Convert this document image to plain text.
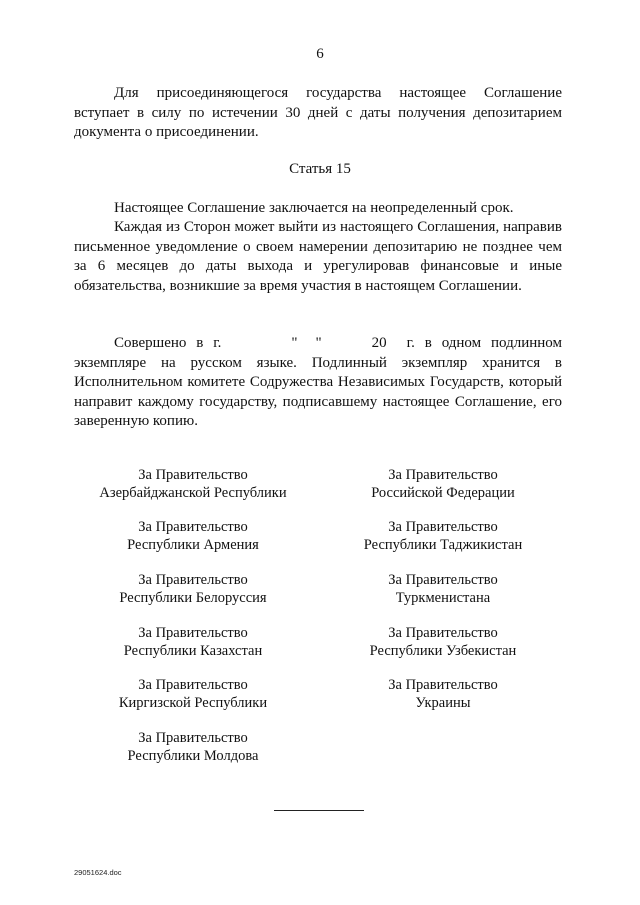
6

Для присоединяющегося государства настоящее Соглашение вступает в силу по истечении 30 дней с даты получения депозитарием документа о присоединении.

Статья 15

Настоящее Соглашение заключается на неопределенный срок.

Каждая из Сторон может выйти из настоящего Соглашения, направив письменное уведомление о своем намерении депозитарию не позднее чем за 6 месяцев до даты выхода и урегулировав финансовые и иные обязательства, возникшие за время участия в настоящем Соглашении.

Совершено в г.	" "	20 г. в одном подлинном экземпляре на русском языке. Подлинный экземпляр хранится в Исполнительном комитете Содружества Независимых Государств, который направит каждому государству, подписавшему настоящее Соглашение, его заверенную копию.

За Правительство
Азербайджанской Республики
За Правительство
Республики Армения
За Правительство
Республики Белоруссия
За Правительство
Республики Казахстан
За Правительство
Киргизской Республики
За Правительство
Республики Молдова
За Правительство
Российской Федерации
За Правительство
Республики Таджикистан
За Правительство
Туркменистана
За Правительство
Республики Узбекистан
За Правительство
Украины
29051624.doc
